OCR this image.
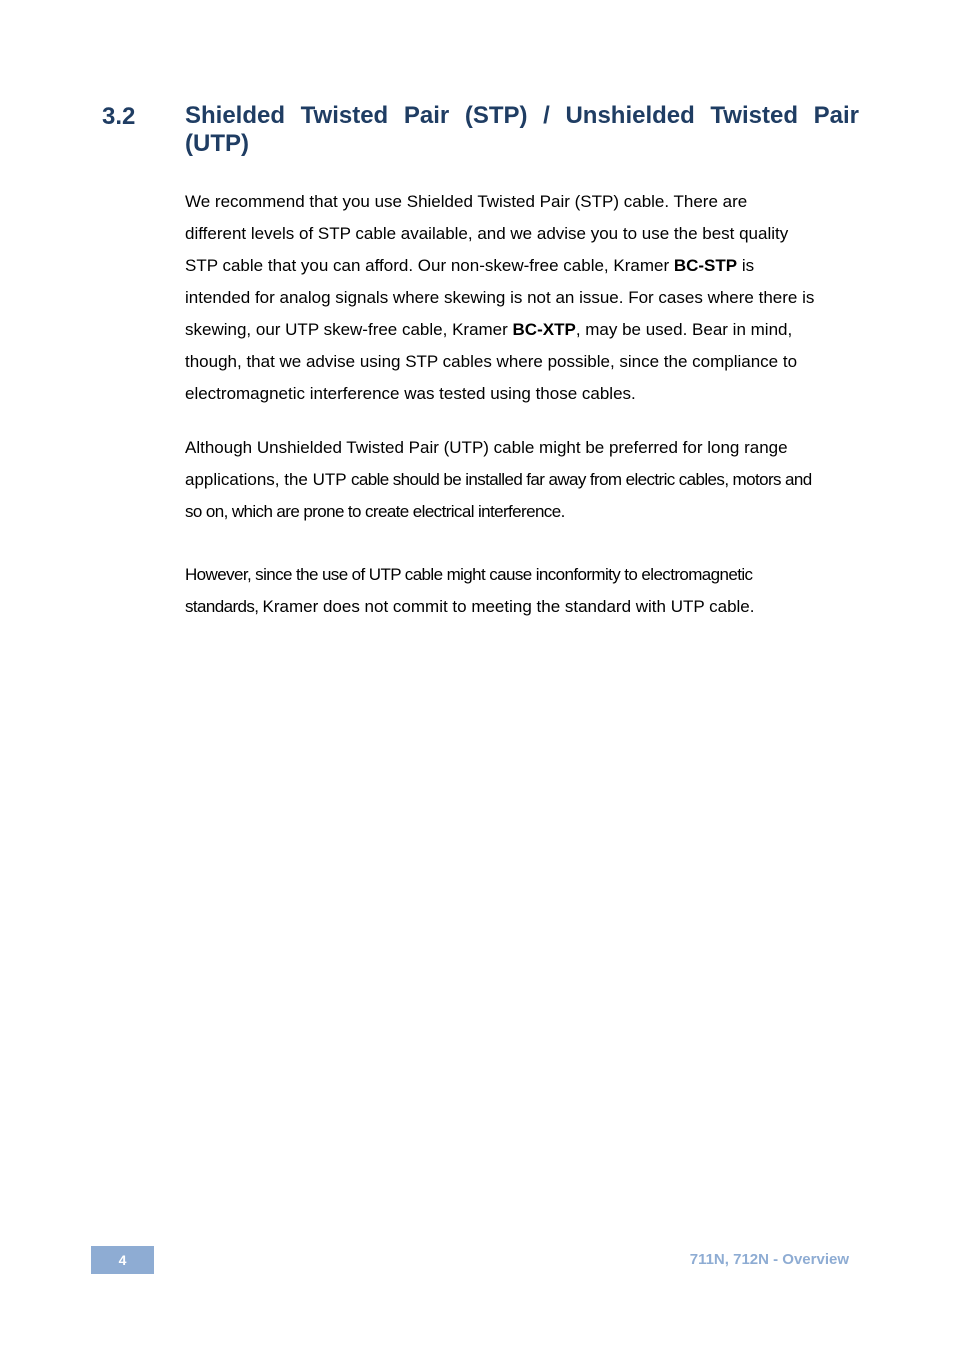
3.2 Shielded Twisted Pair (STP) / Unshielded Twisted Pair (UTP)
We recommend that you use Shielded Twisted Pair (STP) cable. There are
different levels of STP cable available, and we advise you to use the best quality
STP cable that you can afford. Our non-skew-free cable, Kramer BC-STP is
intended for analog signals where skewing is not an issue. For cases where there is
skewing, our UTP skew-free cable, Kramer BC-XTP, may be used. Bear in mind,
though, that we advise using STP cables where possible, since the compliance to
electromagnetic interference was tested using those cables.
Although Unshielded Twisted Pair (UTP) cable might be preferred for long range
applications, the UTP cable should be installed far away from electric cables, motors and
so on, which are prone to create electrical interference.
However, since the use of UTP cable might cause inconformity to electromagnetic
standards, Kramer does not commit to meeting the standard with UTP cable.
4	711N, 712N - Overview
